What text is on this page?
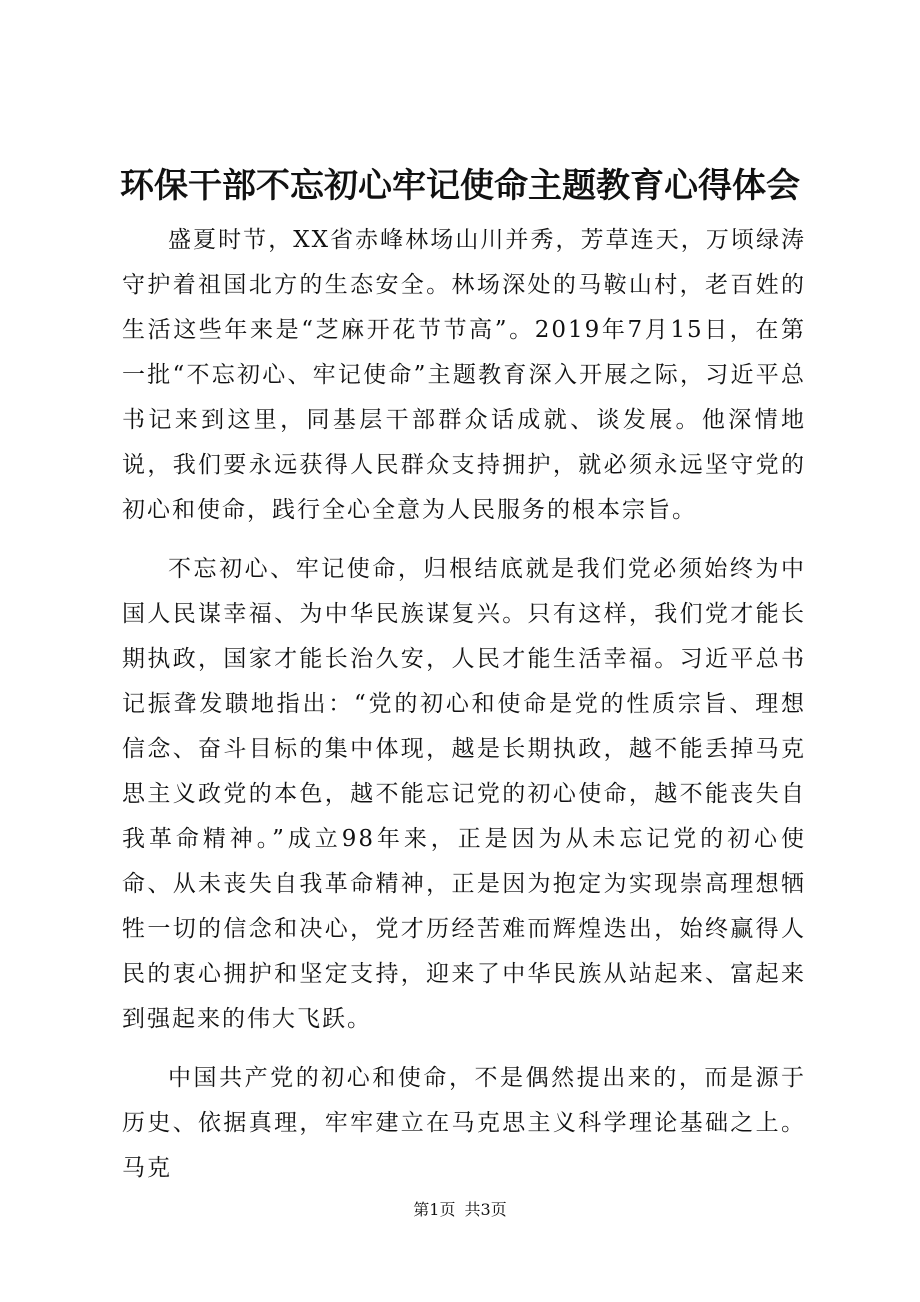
环保干部不忘初心牢记使命主题教育心得体会

盛夏时节，XX省赤峰林场山川并秀，芳草连天，万顷绿涛守护着祖国北方的生态安全。林场深处的马鞍山村，老百姓的生活这些年来是“芝麻开花节节高”。2019年7月15日，在第一批“不忘初心、牢记使命”主题教育深入开展之际，习近平总书记来到这里，同基层干部群众话成就、谈发展。他深情地说，我们要永远获得人民群众支持拥护，就必须永远坚守党的初心和使命，践行全心全意为人民服务的根本宗旨。

不忘初心、牢记使命，归根结底就是我们党必须始终为中国人民谋幸福、为中华民族谋复兴。只有这样，我们党才能长期执政，国家才能长治久安，人民才能生活幸福。习近平总书记振聋发聩地指出：“党的初心和使命是党的性质宗旨、理想信念、奋斗目标的集中体现，越是长期执政，越不能丢掉马克思主义政党的本色，越不能忘记党的初心使命，越不能丧失自我革命精神。”成立98年来，正是因为从未忘记党的初心使命、从未丧失自我革命精神，正是因为抱定为实现崇高理想牺牲一切的信念和决心，党才历经苦难而辉煌迭出，始终赢得人民的衷心拥护和坚定支持，迎来了中华民族从站起来、富起来到强起来的伟大飞跃。

中国共产党的初心和使命，不是偶然提出来的，而是源于历史、依据真理，牢牢建立在马克思主义科学理论基础之上。马克

第1页 共3页
